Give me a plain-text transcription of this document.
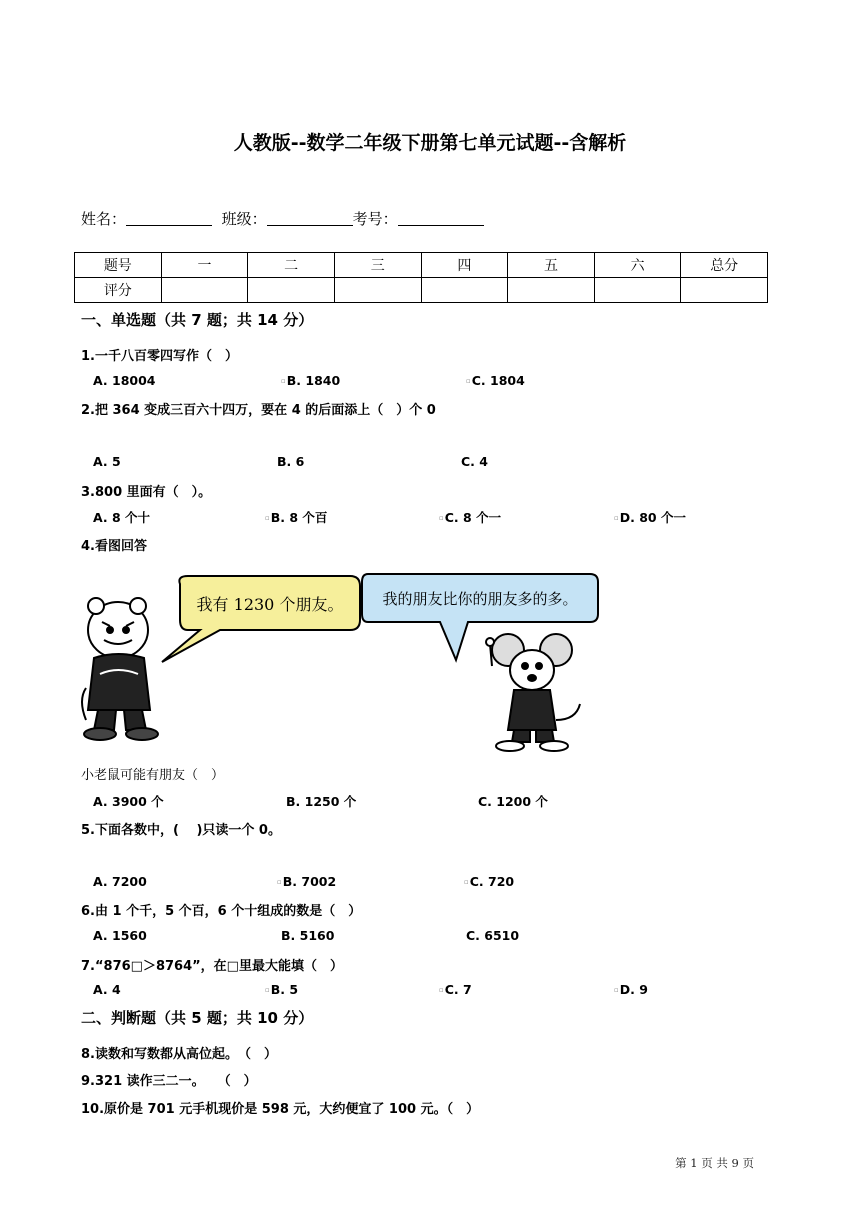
人教版--数学二年级下册第七单元试题--含解析
姓名：	班级：	考号：
题号	一	二	三	四	五	六	总分
评分							
一、单选题（共 7 题；共 14 分）
1.一千八百零四写作（　）
A. 18004	▫B. 1840	▫C. 1804
2.把 364 变成三百六十四万，要在 4 的后面添上（　）个 0
A. 5	B. 6	C. 4
3.800 里面有（　）。
A. 8 个十	▫B. 8 个百	▫C. 8 个一	▫D. 80 个一
4.看图回答
我有 1230 个朋友。	我的朋友比你的朋友多的多。
小老鼠可能有朋友（　）
A. 3900 个	B. 1250 个	C. 1200 个
5.下面各数中，(　 )只读一个 0。
A. 7200	▫B. 7002	▫C. 720
6.由 1 个千，5 个百，6 个十组成的数是（　）
A. 1560	B. 5160	C. 6510
7.“876□＞8764”，在□里最大能填（　）
A. 4	▫B. 5	▫C. 7	▫D. 9
二、判断题（共 5 题；共 10 分）
8.读数和写数都从高位起。　（　）
9.321 读作三二一。　　（　）
10.原价是 701 元手机现价是 598 元，大约便宜了 100 元。（　）
第 1 页 共 9 页
